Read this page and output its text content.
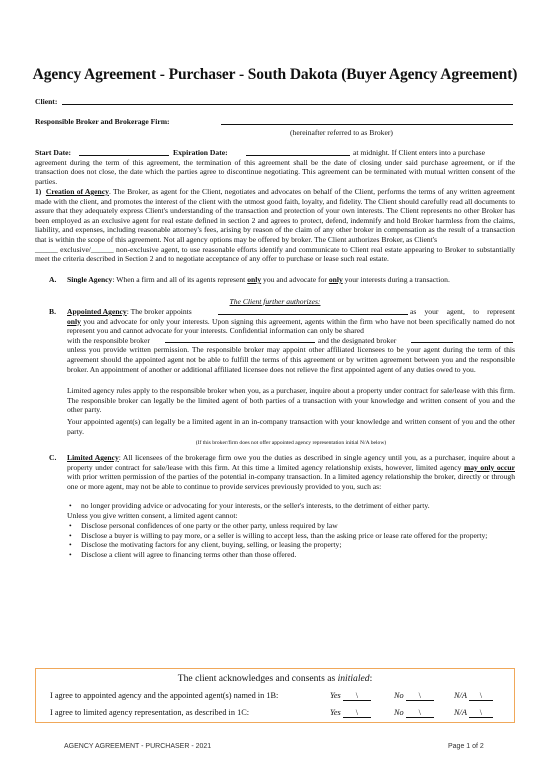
Agency Agreement - Purchaser - South Dakota (Buyer Agency Agreement)
Client:
Responsible Broker and Brokerage Firm:
(hereinafter referred to as Broker)
Start Date:	Expiration Date:	at midnight. If Client enters into a purchase
agreement during the term of this agreement, the termination of this agreement shall be the date of closing under said purchase agreement, or if the transaction does not close, the date which the parties agree to discontinue negotiating. This agreement can be terminated with mutual written consent of the parties.
1) Creation of Agency. The Broker, as agent for the Client, negotiates and advocates on behalf of the Client, performs the terms of any written agreement made with the client, and promotes the interest of the client with the utmost good faith, loyalty, and fidelity. The Client should carefully read all documents to assure that they adequately express Client's understanding of the transaction and protection of your own interests. The Client represents no other Broker has been employed as an exclusive agent for real estate defined in section 2 and agrees to protect, defend, indemnify and hold Broker harmless from the claims, liability, and expenses, including reasonable attorney's fees, arising by reason of the claim of any other broker in compensation as the result of a transaction that is within the scope of this agreement. Not all agency options may be offered by broker. The Client authorizes Broker, as Client's
______ exclusive/______ non-exclusive agent, to use reasonable efforts identify and communicate to Client real estate appearing to Broker to substantially meet the criteria described in Section 2 and to negotiate acceptance of any offer to purchase or lease such real estate.
A. Single Agency: When a firm and all of its agents represent only you and advocate for only your interests during a transaction.
The Client further authorizes:
B. Appointed Agency: The broker appoints	as your agent, to represent
only you and advocate for only your interests. Upon signing this agreement, agents within the firm who have not been specifically named do not represent you and cannot advocate for your interests. Confidential information can only be shared
with the responsible broker	and the designated broker
unless you provide written permission. The responsible broker may appoint other affiliated licensees to be your agent during the term of this agreement should the appointed agent not be able to fulfill the terms of this agreement or by written agreement between you and the responsible broker. An appointment of another or additional affiliated licensee does not relieve the first appointed agent of any duties owed to you.
Limited agency rules apply to the responsible broker when you, as a purchaser, inquire about a property under contract for sale/lease with this firm. The responsible broker can legally be the limited agent of both parties of a transaction with your knowledge and written consent of you and the other party.
Your appointed agent(s) can legally be a limited agent in an in-company transaction with your knowledge and written consent of you and the other party.
(If this broker/firm does not offer appointed agency representation initial N/A below)
C. Limited Agency: All licensees of the brokerage firm owe you the duties as described in single agency until you, as a purchaser, inquire about a property under contract for sale/lease with this firm. At this time a limited agency relationship exists, however, limited agency may only occur with prior written permission of the parties of the potential in-company transaction. In a limited agency relationship the broker, directly or through one or more agent, may not be able to continue to provide services previously provided to you, such as:
• no longer providing advice or advocating for your interests, or the seller's interests, to the detriment of either party.
Unless you give written consent, a limited agent cannot:
• Disclose personal confidences of one party or the other party, unless required by law
• Disclose a buyer is willing to pay more, or a seller is willing to accept less, than the asking price or lease rate offered for the property;
• Disclose the motivating factors for any client, buying, selling, or leasing the property;
• Disclose a client will agree to financing terms other than those offered.
The client acknowledges and consents as initialed:
I agree to appointed agency and the appointed agent(s) named in 1B:	Yes \	No \	N/A \
I agree to limited agency representation, as described in 1C:	Yes \	No \	N/A \
AGENCY AGREEMENT - PURCHASER - 2021	Page 1 of 2
